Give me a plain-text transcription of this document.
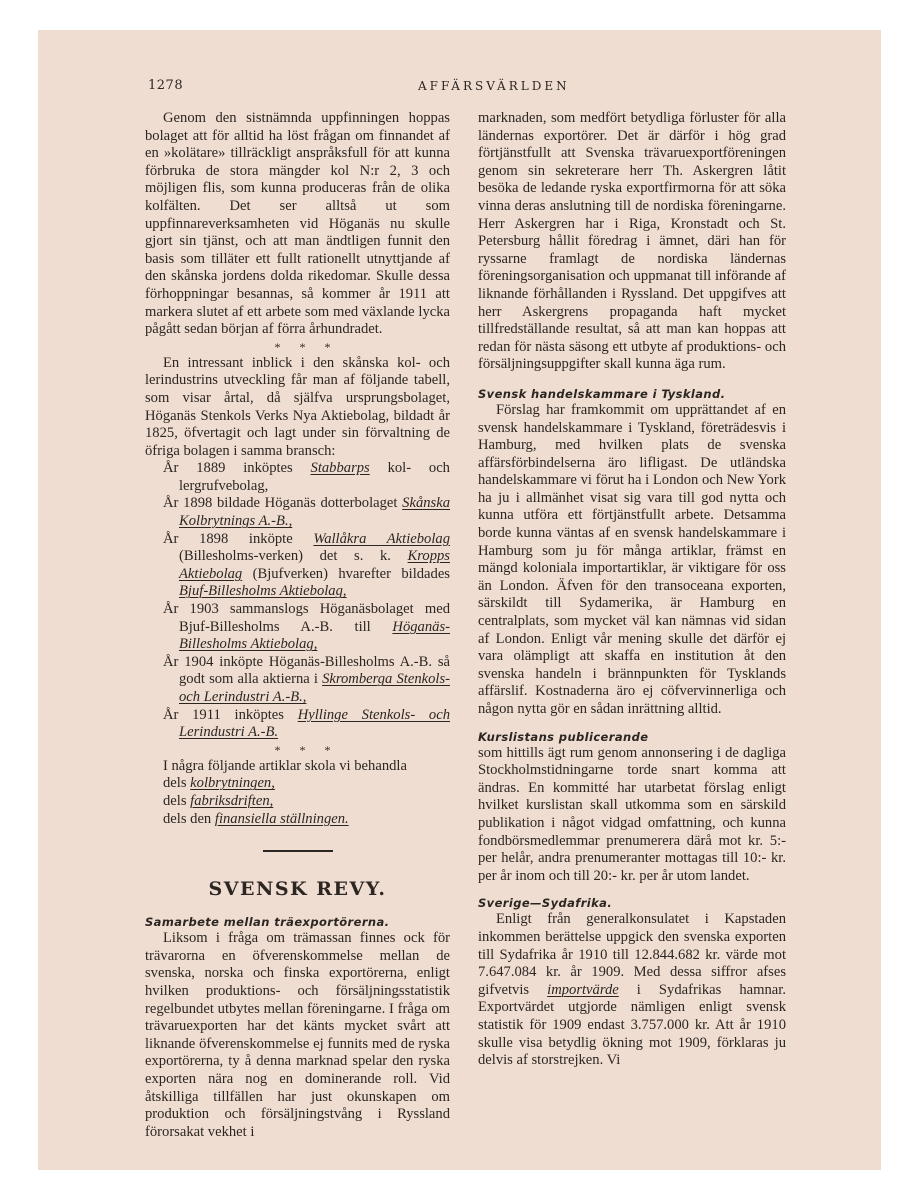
1278	AFFÄRSVÄRLDEN

Genom den sistnämnda uppfinningen hoppas bolaget att för alltid ha löst frågan om finnandet af en »kolätare» tillräckligt anspråksfull för att kunna förbruka de stora mängder kol N:r 2, 3 och möjligen flis, som kunna produceras från de olika kolfälten. Det ser alltså ut som uppfinnareverksamheten vid Höganäs nu skulle gjort sin tjänst, och att man ändtligen funnit den basis som tilläter ett fullt rationellt utnyttjande af den skånska jordens dolda rikedomar. Skulle dessa förhoppningar besannas, så kommer år 1911 att markera slutet af ett arbete som med växlande lycka pågått sedan början af förra århundradet.

* * *

En intressant inblick i den skånska kol- och lerindustrins utveckling får man af följande tabell, som visar årtal, då själfva ursprungsbolaget, Höganäs Stenkols Verks Nya Aktiebolag, bildadt år 1825, öfvertagit och lagt under sin förvaltning de öfriga bolagen i samma bransch:

År 1889 inköptes Stabbarps kol- och lergrufvebolag,
År 1898 bildade Höganäs dotterbolaget Skånska Kolbrytnings A.-B.,
År 1898 inköpte Wallåkra Aktiebolag (Billesholms-verken) det s. k. Kropps Aktiebolag (Bjufverken) hvarefter bildades Bjuf-Billesholms Aktiebolag,
År 1903 sammanslogs Höganäsbolaget med Bjuf-Billesholms A.-B. till Höganäs-Billesholms Aktiebolag,
År 1904 inköpte Höganäs-Billesholms A.-B. så godt som alla aktierna i Skromberga Stenkols- och Lerindustri A.-B.,
År 1911 inköptes Hyllinge Stenkols- och Lerindustri A.-B.

* * *

I några följande artiklar skola vi behandla

dels kolbrytningen,
dels fabriksdriften,
dels den finansiella ställningen.
SVENSK REVY.
Samarbete mellan träexportörerna.

Liksom i fråga om trämassan finnes ock för trävarorna en öfverenskommelse mellan de svenska, norska och finska exportörerna, enligt hvilken produktions- och försäljningsstatistik regelbundet utbytes mellan föreningarne. I fråga om trävaruexporten har det känts mycket svårt att liknande öfverenskommelse ej funnits med de ryska exportörerna, ty å denna marknad spelar den ryska exporten nära nog en dominerande roll. Vid åtskilliga tillfällen har just okunskapen om produktion och försäljningstvång i Ryssland förorsakat vekhet i

marknaden, som medfört betydliga förluster för alla ländernas exportörer. Det är därför i hög grad förtjänstfullt att Svenska trävaruexportföreningen genom sin sekreterare herr Th. Askergren låtit besöka de ledande ryska exportfirmorna för att söka vinna deras anslutning till de nordiska föreningarne. Herr Askergren har i Riga, Kronstadt och St. Petersburg hållit föredrag i ämnet, däri han för ryssarne framlagt de nordiska ländernas föreningsorganisation och uppmanat till införande af liknande förhållanden i Ryssland. Det uppgifves att herr Askergrens propaganda haft mycket tillfredställande resultat, så att man kan hoppas att redan för nästa säsong ett utbyte af produktions- och försäljningsuppgifter skall kunna äga rum.

Svensk handelskammare i Tyskland.

Förslag har framkommit om upprättandet af en svensk handelskammare i Tyskland, företrädesvis i Hamburg, med hvilken plats de svenska affärsförbindelserna äro lifligast. De utländska handelskammare vi förut ha i London och New York ha ju i allmänhet visat sig vara till god nytta och kunna utföra ett förtjänstfullt arbete. Detsamma borde kunna väntas af en svensk handelskammare i Hamburg som ju för många artiklar, främst en mängd koloniala importartiklar, är viktigare för oss än London. Äfven för den transoceana exporten, särskildt till Sydamerika, är Hamburg en centralplats, som mycket väl kan nämnas vid sidan af London. Enligt vår mening skulle det därför ej vara olämpligt att skaffa en institution åt den svenska handeln i brännpunkten för Tysklands affärslif. Kostnaderna äro ej cöfvervinnerliga och någon nytta gör en sådan inrättning alltid.

Kurslistans publicerande

som hittills ägt rum genom annonsering i de dagliga Stockholmstidningarne torde snart komma att ändras. En kommitté har utarbetat förslag enligt hvilket kurslistan skall utkomma som en särskild publikation i något vidgad omfattning, och kunna fondbörsmedlemmar prenumerera därå mot kr. 5:- per helår, andra prenumeranter mottagas till 10:- kr. per år inom och till 20:- kr. per år utom landet.

Sverige—Sydafrika.

Enligt från generalkonsulatet i Kapstaden inkommen berättelse uppgick den svenska exporten till Sydafrika år 1910 till 12.844.682 kr. värde mot 7.647.084 kr. år 1909. Med dessa siffror afses gifvetvis importvärde i Sydafrikas hamnar. Exportvärdet utgjorde nämligen enligt svensk statistik för 1909 endast 3.757.000 kr. Att år 1910 skulle visa betydlig ökning mot 1909, förklaras ju delvis af storstrejken. Vi
